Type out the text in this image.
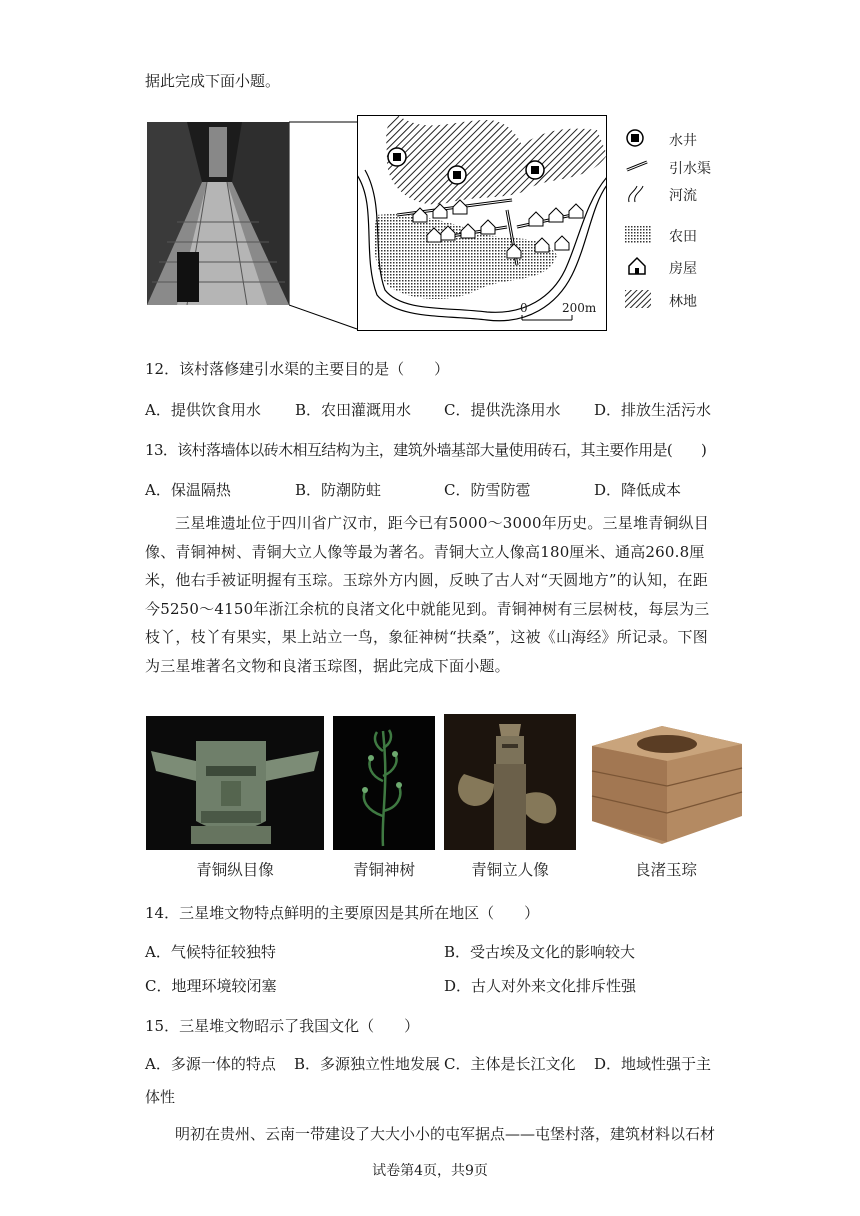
据此完成下面小题。
0	200m
水井
引水渠
河流
农田
房屋
林地
12．该村落修建引水渠的主要目的是（　　）
A．提供饮食用水 B．农田灌溉用水 C．提供洗涤用水 D．排放生活污水
13．该村落墙体以砖木相互结构为主，建筑外墙基部大量使用砖石，其主要作用是(　　)
A．保温隔热	B．防潮防蛀	C．防雪防雹	D．降低成本
三星堆遗址位于四川省广汉市，距今已有5000～3000年历史。三星堆青铜纵目像、青铜神树、青铜大立人像等最为著名。青铜大立人像高180厘米、通高260.8厘米，他右手被证明握有玉琮。玉琮外方内圆，反映了古人对“天圆地方”的认知，在距今5250～4150年浙江余杭的良渚文化中就能见到。青铜神树有三层树枝，每层为三枝丫，枝丫有果实，果上站立一鸟，象征神树“扶桑”，这被《山海经》所记录。下图为三星堆著名文物和良渚玉琮图，据此完成下面小题。
青铜纵目像	青铜神树	青铜立人像	良渚玉琮
14．三星堆文物特点鲜明的主要原因是其所在地区（　　）
A．气候特征较独特	B．受古埃及文化的影响较大
C．地理环境较闭塞	D．古人对外来文化排斥性强
15．三星堆文物昭示了我国文化（　　）
A．多源一体的特点 B．多源独立性地发展 C．主体是长江文化 D．地域性强于主
体性
明初在贵州、云南一带建设了大大小小的屯军据点——屯堡村落，建筑材料以石材
试卷第4页，共9页
